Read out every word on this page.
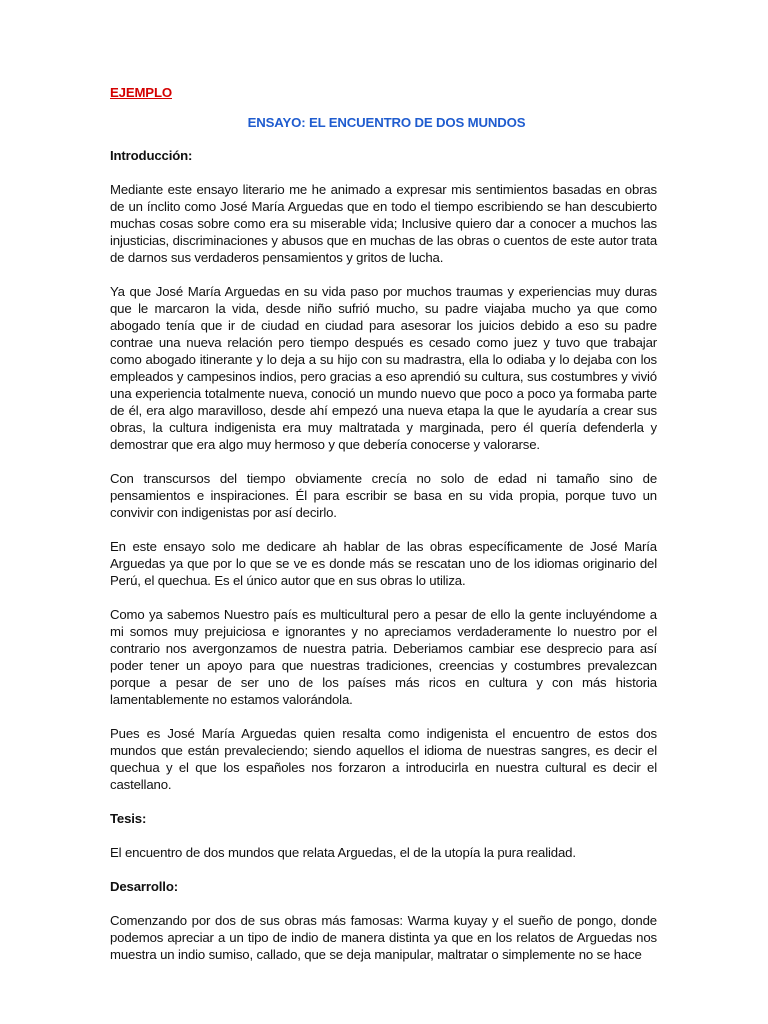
EJEMPLO
ENSAYO: EL ENCUENTRO DE DOS MUNDOS
Introducción:

Mediante este ensayo literario me he animado a expresar mis sentimientos basadas en obras de un ínclito como José María Arguedas que en todo el tiempo escribiendo se han descubierto muchas cosas sobre como era su miserable vida; Inclusive quiero dar a conocer a muchos las injusticias, discriminaciones y abusos que en muchas de las obras o cuentos de este autor trata de darnos sus verdaderos pensamientos y gritos de lucha.

Ya que José María Arguedas en su vida paso por muchos traumas y experiencias muy duras que le marcaron la vida, desde niño sufrió mucho, su padre viajaba mucho ya que como abogado tenía que ir de ciudad en ciudad para asesorar los juicios debido a eso su padre contrae una nueva relación pero tiempo después es cesado como juez y tuvo que trabajar como abogado itinerante y lo deja a su hijo con su madrastra, ella lo odiaba y lo dejaba con los empleados y campesinos indios, pero gracias a eso aprendió su cultura, sus costumbres y vivió una experiencia totalmente nueva, conoció un mundo nuevo que poco a poco ya formaba parte de él, era algo maravilloso, desde ahí empezó una nueva etapa la que le ayudaría a crear sus obras, la cultura indigenista era muy maltratada y marginada, pero él quería defenderla y demostrar que era algo muy hermoso y que debería conocerse y valorarse.

Con transcursos del tiempo obviamente crecía no solo de edad ni tamaño sino de pensamientos e inspiraciones. Él para escribir se basa en su vida propia, porque tuvo un convivir con indigenistas por así decirlo.

En este ensayo solo me dedicare ah hablar de las obras específicamente de José María Arguedas ya que por lo que se ve es donde más se rescatan uno de los idiomas originario del Perú, el quechua. Es el único autor que en sus obras lo utiliza.

Como ya sabemos Nuestro país es multicultural pero a pesar de ello la gente incluyéndome a mi somos muy prejuiciosa e ignorantes y no apreciamos verdaderamente lo nuestro por el contrario nos avergonzamos de nuestra patria. Deberiamos cambiar ese desprecio para así poder tener un apoyo para que nuestras tradiciones, creencias y costumbres prevalezcan porque a pesar de ser uno de los países más ricos en cultura y con más historia lamentablemente no estamos valorándola.

Pues es José María Arguedas quien resalta como indigenista el encuentro de estos dos mundos que están prevaleciendo; siendo aquellos el idioma de nuestras sangres, es decir el quechua y el que los españoles nos forzaron a introducirla en nuestra cultural es decir el castellano.

Tesis:

El encuentro de dos mundos que relata Arguedas, el de la utopía la pura realidad.

Desarrollo:

Comenzando por dos de sus obras más famosas: Warma kuyay y el sueño de pongo, donde podemos apreciar a un tipo de indio de manera distinta ya que en los relatos de Arguedas nos muestra un indio sumiso, callado, que se deja manipular, maltratar o simplemente no se hace
